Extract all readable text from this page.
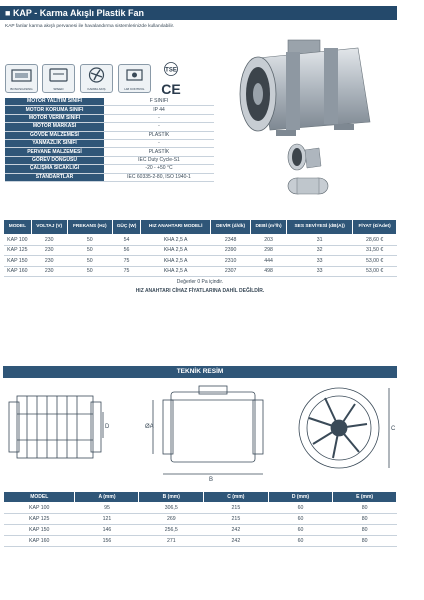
■ KAP - Karma Akışlı Plastik Fan
KAP fanlar karma akışlı pervanesi ile havalandırma sistemlerinizde kullanılabilir.
BONUSCASING	SPEED	KARMA AKIŞ	HIZ KONTROL
TSE
CE
MOTOR YALITIM SINIFI	F SINIFI
MOTOR KORUMA SINIFI	IP 44
MOTOR VERİM SINIFI	-
MOTOR MARKASI	-
GÖVDE MALZEMESİ	PLASTİK
YANMAZLIK SINIFI	-
PERVANE MALZEMESİ	PLASTİK
GÖREV DÖNGÜSÜ	IEC Duty Cycle-S1
ÇALIŞMA SICAKLIĞI	-20 - +50 °C
STANDARTLAR	IEC 60335-2-80, ISO 1940-1
MODEL	VOLTAJ (V)	FREKANS (Hz)	GÜÇ (W)	HIZ ANAHTARI MODELİ	DEVİR (d/dk)	DEBİ (m³/h)	SES SEVİYESİ (dB(A))	FİYAT (€/Adet)
KAP 100	230	50	54	KHA 2,5 A	2348	203	31	28,60 €
KAP 125	230	50	56	KHA 2,5 A	2390	298	32	31,50 €
KAP 150	230	50	75	KHA 2,5 A	2310	444	33	53,00 €
KAP 160	230	50	75	KHA 2,5 A	2307	498	33	53,00 €
Değerler 0 Pa içindir.
HIZ ANAHTARI CİHAZ FİYATLARINA DAHİL DEĞİLDİR.
TEKNİK RESİM
D	ØA
B
C
MODEL	A (mm)	B (mm)	C (mm)	D (mm)	E (mm)
KAP 100	95	306,5	215	60	80
KAP 125	121	269	215	60	80
KAP 150	146	256,5	242	60	80
KAP 160	156	271	242	60	80
